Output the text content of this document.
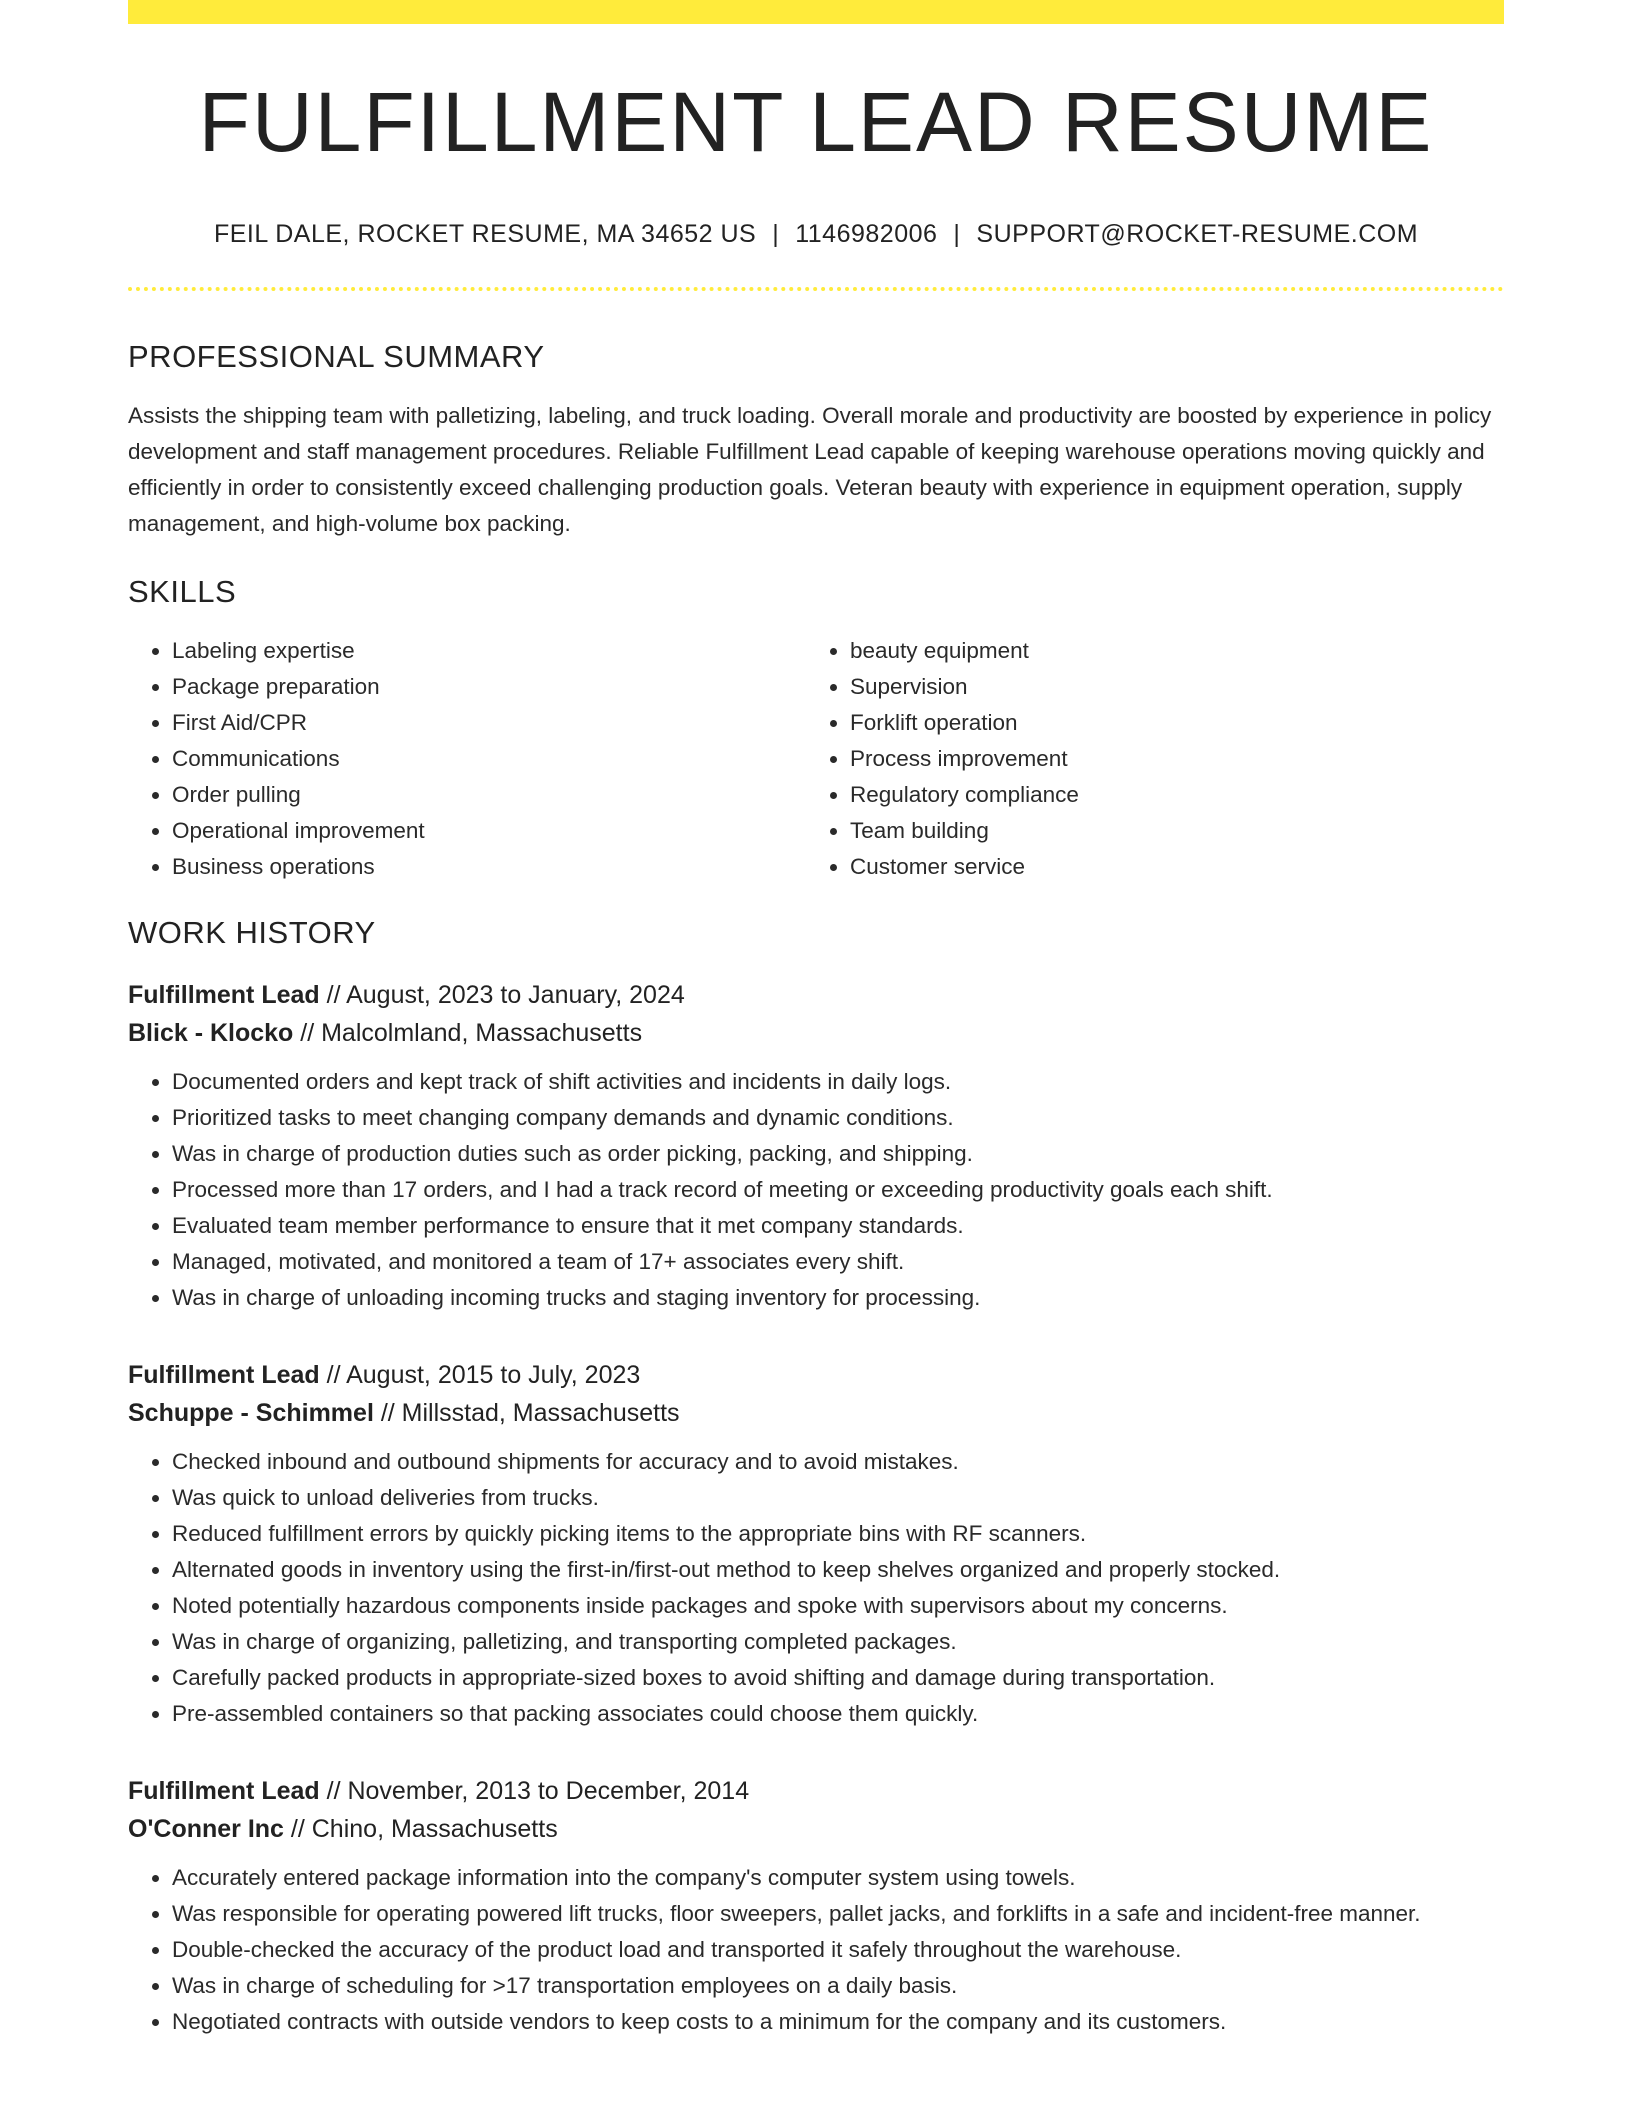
FULFILLMENT LEAD RESUME
FEIL DALE, ROCKET RESUME, MA 34652 US | 1146982006 | SUPPORT@ROCKET-RESUME.COM
PROFESSIONAL SUMMARY
Assists the shipping team with palletizing, labeling, and truck loading. Overall morale and productivity are boosted by experience in policy development and staff management procedures. Reliable Fulfillment Lead capable of keeping warehouse operations moving quickly and efficiently in order to consistently exceed challenging production goals. Veteran beauty with experience in equipment operation, supply management, and high-volume box packing.
SKILLS
• Labeling expertise
• Package preparation
• First Aid/CPR
• Communications
• Order pulling
• Operational improvement
• Business operations
• beauty equipment
• Supervision
• Forklift operation
• Process improvement
• Regulatory compliance
• Team building
• Customer service
WORK HISTORY
Fulfillment Lead // August, 2023 to January, 2024
Blick - Klocko // Malcolmland, Massachusetts
• Documented orders and kept track of shift activities and incidents in daily logs.
• Prioritized tasks to meet changing company demands and dynamic conditions.
• Was in charge of production duties such as order picking, packing, and shipping.
• Processed more than 17 orders, and I had a track record of meeting or exceeding productivity goals each shift.
• Evaluated team member performance to ensure that it met company standards.
• Managed, motivated, and monitored a team of 17+ associates every shift.
• Was in charge of unloading incoming trucks and staging inventory for processing.
Fulfillment Lead // August, 2015 to July, 2023
Schuppe - Schimmel // Millsstad, Massachusetts
• Checked inbound and outbound shipments for accuracy and to avoid mistakes.
• Was quick to unload deliveries from trucks.
• Reduced fulfillment errors by quickly picking items to the appropriate bins with RF scanners.
• Alternated goods in inventory using the first-in/first-out method to keep shelves organized and properly stocked.
• Noted potentially hazardous components inside packages and spoke with supervisors about my concerns.
• Was in charge of organizing, palletizing, and transporting completed packages.
• Carefully packed products in appropriate-sized boxes to avoid shifting and damage during transportation.
• Pre-assembled containers so that packing associates could choose them quickly.
Fulfillment Lead // November, 2013 to December, 2014
O'Conner Inc // Chino, Massachusetts
• Accurately entered package information into the company's computer system using towels.
• Was responsible for operating powered lift trucks, floor sweepers, pallet jacks, and forklifts in a safe and incident-free manner.
• Double-checked the accuracy of the product load and transported it safely throughout the warehouse.
• Was in charge of scheduling for >17 transportation employees on a daily basis.
• Negotiated contracts with outside vendors to keep costs to a minimum for the company and its customers.
